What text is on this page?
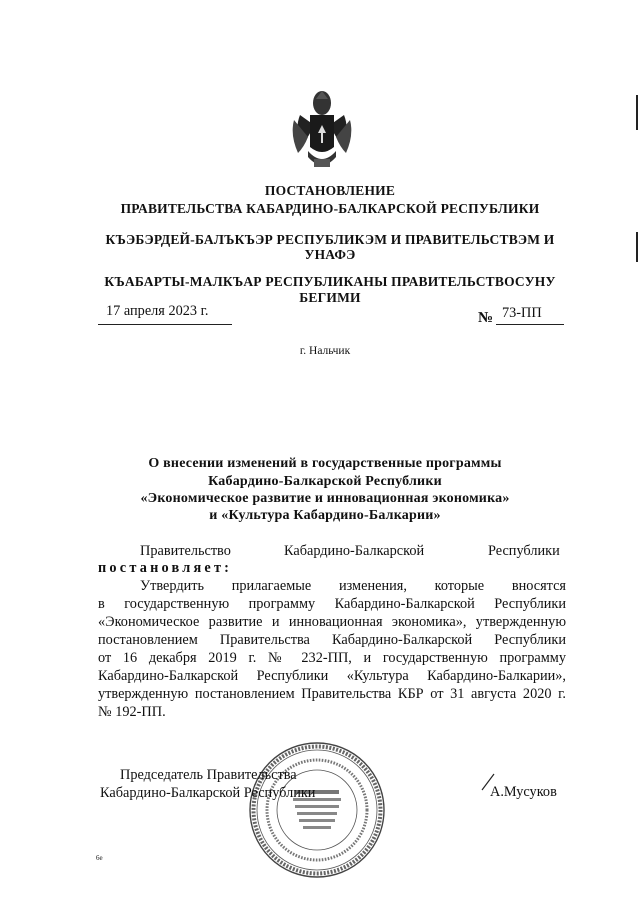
ПОСТАНОВЛЕНИЕ
ПРАВИТЕЛЬСТВА КАБАРДИНО-БАЛКАРСКОЙ РЕСПУБЛИКИ
КЪЭБЭРДЕЙ-БАЛЪКЪЭР РЕСПУБЛИКЭМ И ПРАВИТЕЛЬСТВЭМ И
УНАФЭ
КЪАБАРТЫ-МАЛКЪАР РЕСПУБЛИКАНЫ ПРАВИТЕЛЬСТВОСУНУ
БЕГИМИ
17 апреля 2023 г.	№ 73-ПП
г. Нальчик
О внесении изменений в государственные программы
Кабардино-Балкарской Республики
«Экономическое развитие и инновационная экономика»
и «Культура Кабардино-Балкарии»
Правительство	Кабардино-Балкарской	Республики
постановляет:
Утвердить прилагаемые изменения, которые вносятся
в государственную программу Кабардино-Балкарской Республики
«Экономическое развитие и инновационная экономика», утвержденную
постановлением Правительства Кабардино-Балкарской Республики
от 16 декабря 2019 г. № 232-ПП, и государственную программу
Кабардино-Балкарской Республики «Культура Кабардино-Балкарии»,
утвержденную постановлением Правительства КБР от 31 августа 2020 г.
№ 192-ПП.
Председатель Правительства
Кабардино-Балкарской Республики	А.Мусуков
6e
